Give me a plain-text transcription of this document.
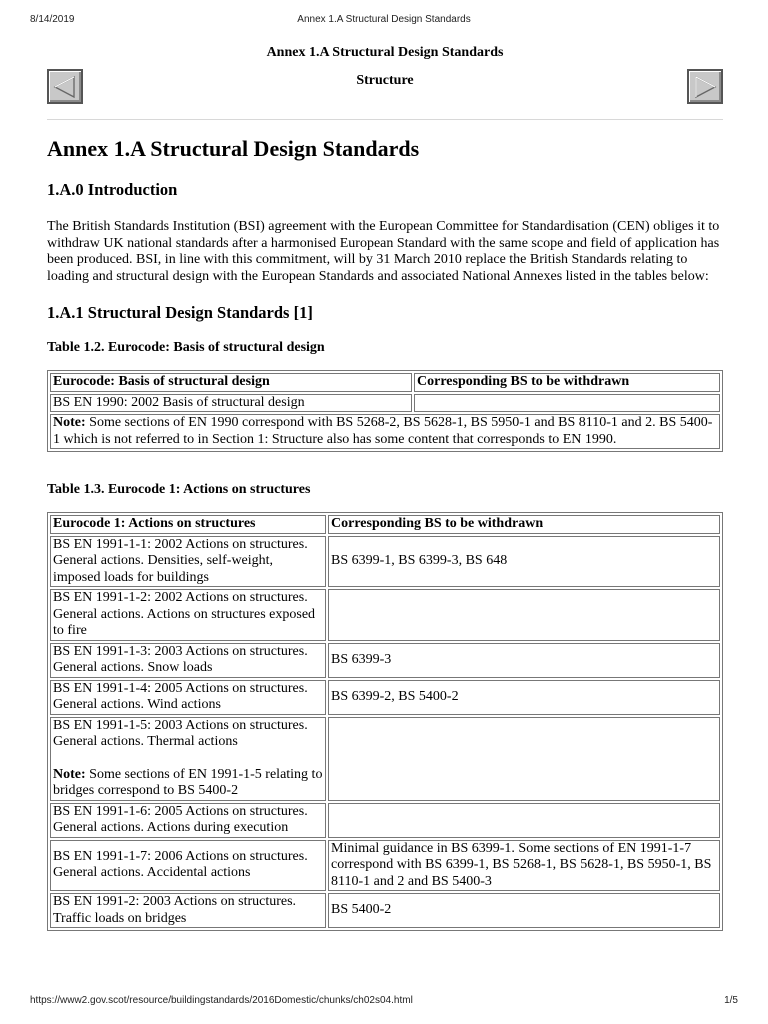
8/14/2019	Annex 1.A Structural Design Standards
Annex 1.A Structural Design Standards
Structure
Annex 1.A Structural Design Standards
1.A.0 Introduction

The British Standards Institution (BSI) agreement with the European Committee for Standardisation (CEN) obliges it to withdraw UK national standards after a harmonised European Standard with the same scope and field of application has been produced. BSI, in line with this commitment, will by 31 March 2010 replace the British Standards relating to loading and structural design with the European Standards and associated National Annexes listed in the tables below:

1.A.1 Structural Design Standards [1]
Table 1.2. Eurocode: Basis of structural design
Eurocode: Basis of structural design	Corresponding BS to be withdrawn
BS EN 1990: 2002 Basis of structural design	
Note: Some sections of EN 1990 correspond with BS 5268-2, BS 5628-1, BS 5950-1 and BS 8110-1 and 2. BS 5400-1 which is not referred to in Section 1: Structure also has some content that corresponds to EN 1990.	
Table 1.3. Eurocode 1: Actions on structures
Eurocode 1: Actions on structures	Corresponding BS to be withdrawn
BS EN 1991-1-1: 2002 Actions on structures. General actions. Densities, self-weight, imposed loads for buildings	BS 6399-1, BS 6399-3, BS 648
BS EN 1991-1-2: 2002 Actions on structures. General actions. Actions on structures exposed to fire	
BS EN 1991-1-3: 2003 Actions on structures. General actions. Snow loads	BS 6399-3
BS EN 1991-1-4: 2005 Actions on structures. General actions. Wind actions	BS 6399-2, BS 5400-2
BS EN 1991-1-5: 2003 Actions on structures. General actions. Thermal actions
Note: Some sections of EN 1991-1-5 relating to bridges correspond to BS 5400-2	
BS EN 1991-1-6: 2005 Actions on structures. General actions. Actions during execution	
BS EN 1991-1-7: 2006 Actions on structures. General actions. Accidental actions	Minimal guidance in BS 6399-1. Some sections of EN 1991-1-7 correspond with BS 6399-1, BS 5268-1, BS 5628-1, BS 5950-1, BS 8110-1 and 2 and BS 5400-3
BS EN 1991-2: 2003 Actions on structures. Traffic loads on bridges	BS 5400-2
https://www2.gov.scot/resource/buildingstandards/2016Domestic/chunks/ch02s04.html	1/5
